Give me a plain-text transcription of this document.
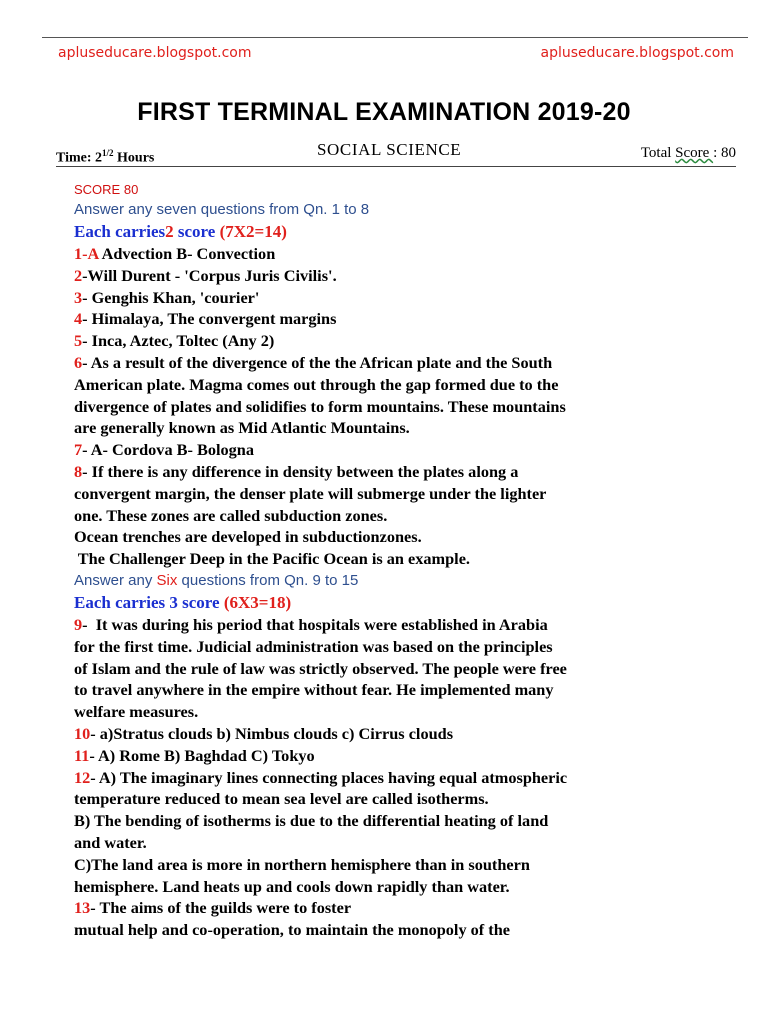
apluseducare.blogspot.com	apluseducare.blogspot.com
FIRST TERMINAL EXAMINATION 2019-20
Time: $2^{1/2}$ Hours	SOCIAL SCIENCE	Total Score : 80
SCORE 80
Answer any seven questions from Qn. 1 to 8
Each carries2 score (7X2=14)
1-A Advection B- Convection
2-Will Durent - 'Corpus Juris Civilis'.
3- Genghis Khan, 'courier'
4- Himalaya, The convergent margins
5- Inca, Aztec, Toltec (Any 2)
6- As a result of the divergence of the the African plate and the South
American plate. Magma comes out through the gap formed due to the
divergence of plates and solidifies to form mountains. These mountains
are generally known as Mid Atlantic Mountains.
7- A- Cordova B- Bologna
8- If there is any difference in density between the plates along a
convergent margin, the denser plate will submerge under the lighter
one. These zones are called subduction zones.
Ocean trenches are developed in subductionzones.
The Challenger Deep in the Pacific Ocean is an example.
Answer any Six questions from Qn. 9 to 15
Each carries 3 score (6X3=18)
9-  It was during his period that hospitals were established in Arabia
for the first time. Judicial administration was based on the principles
of Islam and the rule of law was strictly observed. The people were free
to travel anywhere in the empire without fear. He implemented many
welfare measures.
10- a)Stratus clouds b) Nimbus clouds c) Cirrus clouds
11- A) Rome B) Baghdad C) Tokyo
12- A) The imaginary lines connecting places having equal atmospheric
temperature reduced to mean sea level are called isotherms.
B) The bending of isotherms is due to the differential heating of land
and water.
C)The land area is more in northern hemisphere than in southern
hemisphere. Land heats up and cools down rapidly than water.
13- The aims of the guilds were to foster
mutual help and co-operation, to maintain the monopoly of the
